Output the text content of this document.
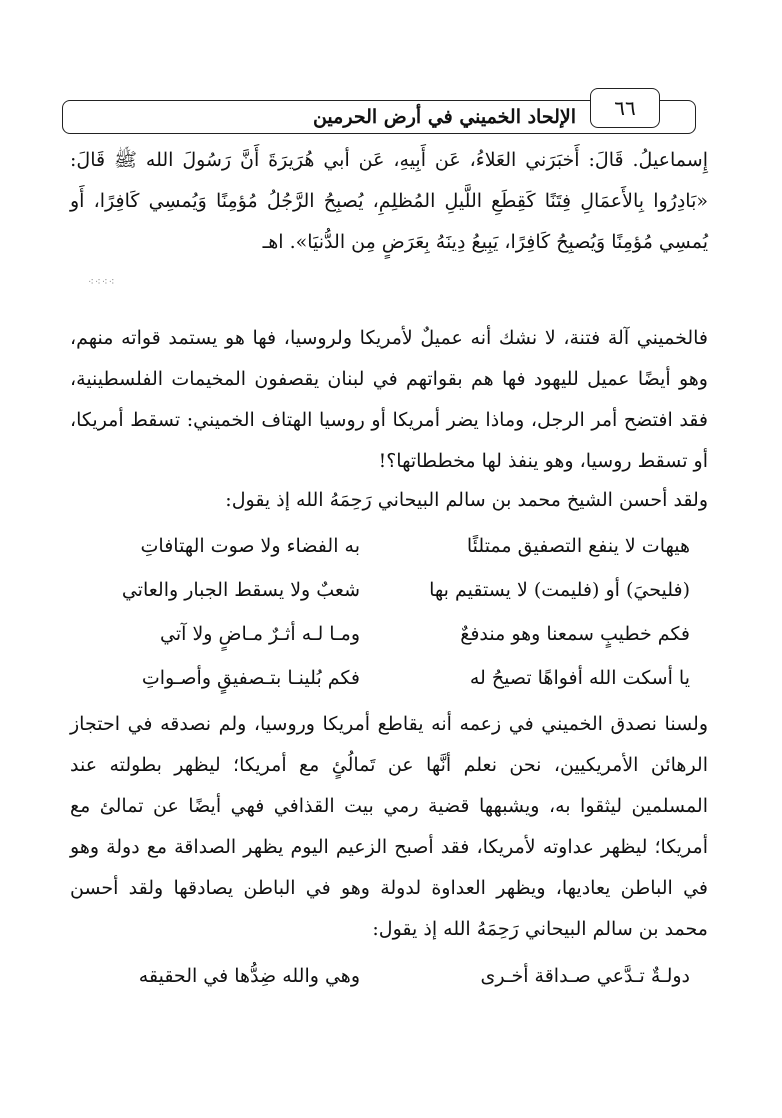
٦٦
الإلحاد الخميني في أرض الحرمين

إِسماعيلُ. قَالَ: أَخبَرَني العَلاءُ، عَن أَبِيهِ، عَن أبي هُرَيرَةَ أَنَّ رَسُولَ الله ﷺ قَالَ: «بَادِرُوا بِالأَعمَالِ فِتَنًا كَقِطَعِ اللَّيلِ المُظلِمِ، يُصبِحُ الرَّجُلُ مُؤمِنًا وَيُمسِي كَافِرًا، أَو يُمسِي مُؤمِنًا وَيُصبِحُ كَافِرًا، يَبِيعُ دِينَهُ بِعَرَضٍ مِن الدُّنيَا». اهـ

⁖⁖⁖⁖

فالخميني آلة فتنة، لا نشك أنه عميلٌ لأمريكا ولروسيا، فها هو يستمد قواته منهم، وهو أيضًا عميل لليهود فها هم بقواتهم في لبنان يقصفون المخيمات الفلسطينية، فقد افتضح أمر الرجل، وماذا يضر أمريكا أو روسيا الهتاف الخميني: تسقط أمريكا، أو تسقط روسيا، وهو ينفذ لها مخططاتها؟!

ولقد أحسن الشيخ محمد بن سالم البيحاني رَحِمَهُ الله إذ يقول:
هيهات لا ينفع التصفيق ممتلئًا
به الفضاء ولا صوت الهتافاتِ
(فليحيَ) أو (فليمت) لا يستقيم بها
شعبٌ ولا يسقط الجبار والعاتي
فكم خطيبٍ سمعنا وهو مندفعٌ
ومـا لـه أثـرٌ مـاضٍ ولا آتي
يا أسكت الله أفواهًا تصيحُ له
فكم بُلينـا بتـصفيقٍ وأصـواتِ

ولسنا نصدق الخميني في زعمه أنه يقاطع أمريكا وروسيا، ولم نصدقه في احتجاز الرهائن الأمريكيين، نحن نعلم أنَّها عن تَمالُئٍ مع أمريكا؛ ليظهر بطولته عند المسلمين ليثقوا به، ويشبهها قضية رمي بيت القذافي فهي أيضًا عن تمالئ مع أمريكا؛ ليظهر عداوته لأمريكا، فقد أصبح الزعيم اليوم يظهر الصداقة مع دولة وهو في الباطن يعاديها، ويظهر العداوة لدولة وهو في الباطن يصادقها ولقد أحسن محمد بن سالم البيحاني رَحِمَهُ الله إذ يقول:

دولـةٌ تـدَّعي صـداقة أخـرى
وهي والله ضِدُّها في الحقيقه
